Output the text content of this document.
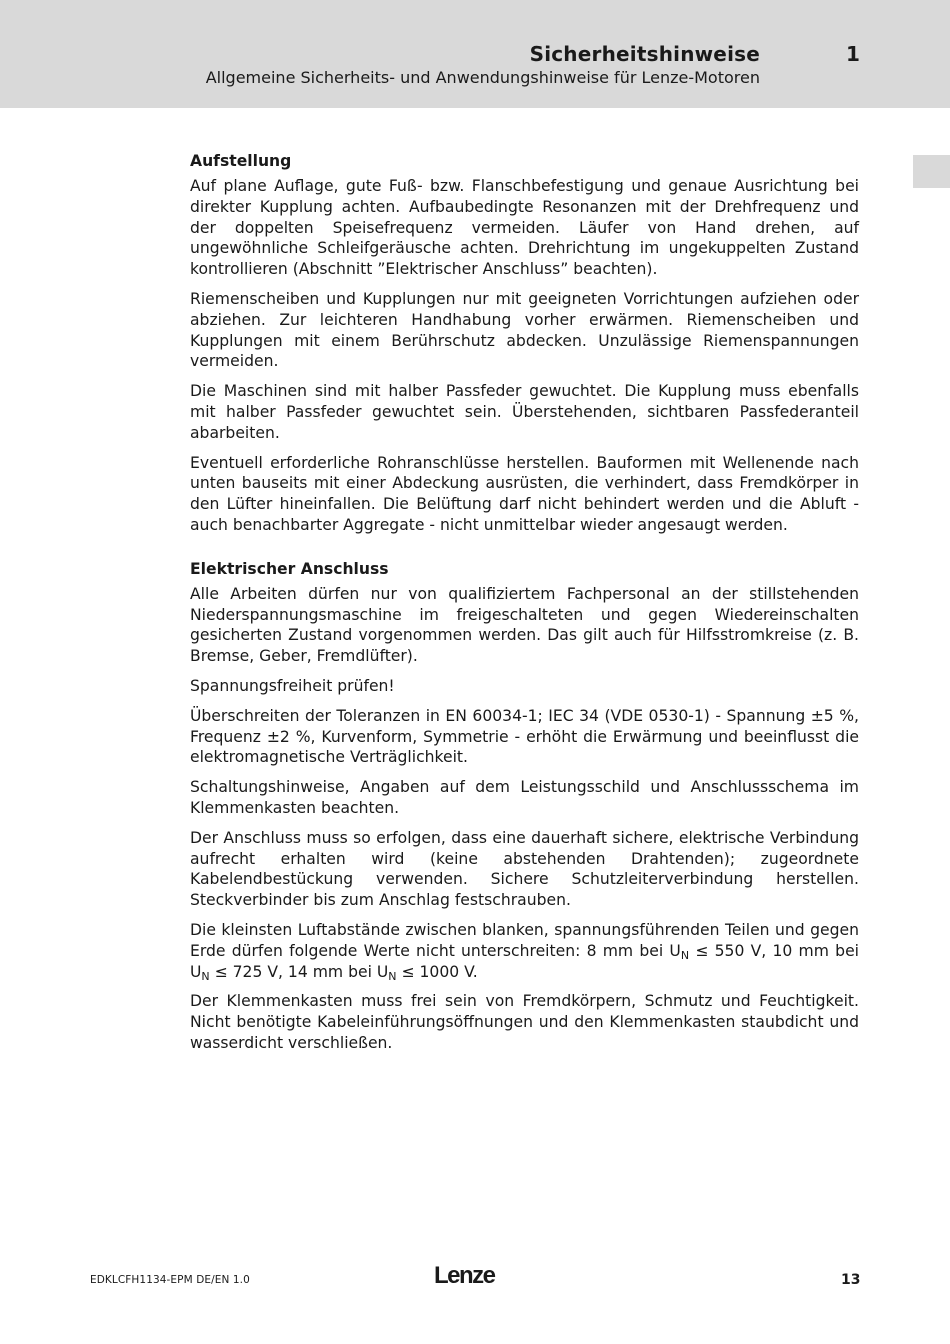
Sicherheitshinweise	1
Allgemeine Sicherheits- und Anwendungshinweise für Lenze-Motoren
Aufstellung

Auf plane Auflage, gute Fuß- bzw. Flanschbefestigung und genaue Ausrichtung bei direkter Kupplung achten. Aufbaubedingte Resonanzen mit der Drehfrequenz und der doppelten Speisefrequenz vermeiden. Läufer von Hand drehen, auf ungewöhnliche Schleifgeräusche achten. Drehrichtung im ungekuppelten Zustand kontrollieren (Abschnitt ”Elektrischer Anschluss” beachten).

Riemenscheiben und Kupplungen nur mit geeigneten Vorrichtungen aufziehen oder abziehen. Zur leichteren Handhabung vorher erwärmen. Riemenscheiben und Kupplungen mit einem Berührschutz abdecken. Unzulässige Riemenspannungen vermeiden.

Die Maschinen sind mit halber Passfeder gewuchtet. Die Kupplung muss ebenfalls mit halber Passfeder gewuchtet sein. Überstehenden, sichtbaren Passfederanteil abarbeiten.

Eventuell erforderliche Rohranschlüsse herstellen. Bauformen mit Wellenende nach unten bauseits mit einer Abdeckung ausrüsten, die verhindert, dass Fremdkörper in den Lüfter hineinfallen. Die Belüftung darf nicht behindert werden und die Abluft - auch benachbarter Aggregate - nicht unmittelbar wieder angesaugt werden.

Elektrischer Anschluss

Alle Arbeiten dürfen nur von qualifiziertem Fachpersonal an der stillstehenden Niederspannungsmaschine im freigeschalteten und gegen Wiedereinschalten gesicherten Zustand vorgenommen werden. Das gilt auch für Hilfsstromkreise (z. B. Bremse, Geber, Fremdlüfter).

Spannungsfreiheit prüfen!

Überschreiten der Toleranzen in EN 60034-1; IEC 34 (VDE 0530-1) - Spannung ±5 %, Frequenz ±2 %, Kurvenform, Symmetrie - erhöht die Erwärmung und beeinflusst die elektromagnetische Verträglichkeit.

Schaltungshinweise, Angaben auf dem Leistungsschild und Anschlussschema im Klemmenkasten beachten.

Der Anschluss muss so erfolgen, dass eine dauerhaft sichere, elektrische Verbindung aufrecht erhalten wird (keine abstehenden Drahtenden); zugeordnete Kabelendbestückung verwenden. Sichere Schutzleiterverbindung herstellen. Steckverbinder bis zum Anschlag festschrauben.

Die kleinsten Luftabstände zwischen blanken, spannungsführenden Teilen und gegen Erde dürfen folgende Werte nicht unterschreiten: 8 mm bei $U_N \le 550$ V, 10 mm bei $U_N \le 725$ V, 14 mm bei $U_N \le 1000$ V.

Der Klemmenkasten muss frei sein von Fremdkörpern, Schmutz und Feuchtigkeit. Nicht benötigte Kabeleinführungsöffnungen und den Klemmenkasten staubdicht und wasserdicht verschließen.

EDKLCFH1134-EPM DE/EN 1.0	Lenze	13
